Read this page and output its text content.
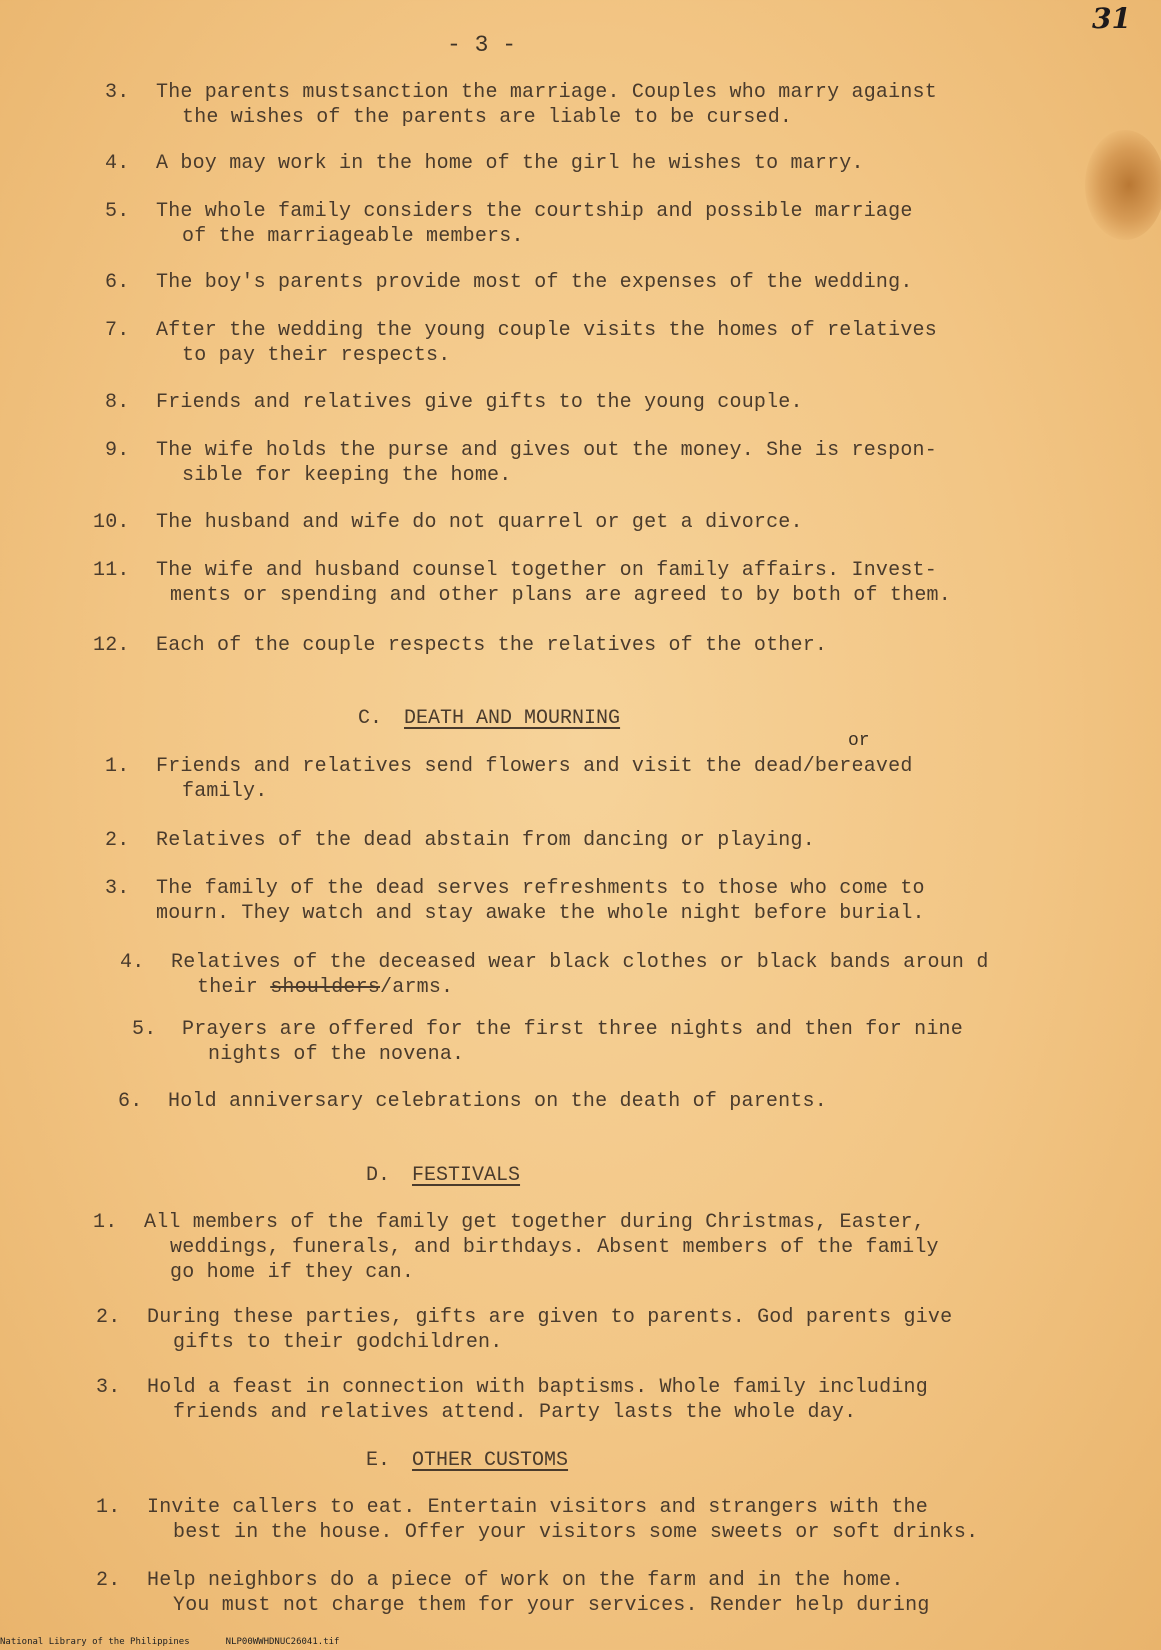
31
- 3 -
3. The parents mustsanction the marriage. Couples who marry against
the wishes of the parents are liable to be cursed.
4. A boy may work in the home of the girl he wishes to marry.
5. The whole family considers the courtship and possible marriage
of the marriageable members.
6. The boy's parents provide most of the expenses of the wedding.
7. After the wedding the young couple visits the homes of relatives
to pay their respects.
8. Friends and relatives give gifts to the young couple.
9. The wife holds the purse and gives out the money. She is respon-
sible for keeping the home.
10. The husband and wife do not quarrel or get a divorce.
11. The wife and husband counsel together on family affairs. Invest-
ments or spending and other plans are agreed to by both of them.
12. Each of the couple respects the relatives of the other.
C. DEATH AND MOURNING
or
1. Friends and relatives send flowers and visit the dead/bereaved
family.
2. Relatives of the dead abstain from dancing or playing.
3. The family of the dead serves refreshments to those who come to
mourn. They watch and stay awake the whole night before burial.
4. Relatives of the deceased wear black clothes or black bands aroun d
their shoulders/arms.
5. Prayers are offered for the first three nights and then for nine
nights of the novena.
6. Hold anniversary celebrations on the death of parents.
D. FESTIVALS
1. All members of the family get together during Christmas, Easter,
weddings, funerals, and birthdays. Absent members of the family
go home if they can.
2. During these parties, gifts are given to parents. God parents give
gifts to their godchildren.
3. Hold a feast in connection with baptisms. Whole family including
friends and relatives attend. Party lasts the whole day.
E. OTHER CUSTOMS
1. Invite callers to eat. Entertain visitors and strangers with the
best in the house. Offer your visitors some sweets or soft drinks.
2. Help neighbors do a piece of work on the farm and in the home.
You must not charge them for your services. Render help during
National Library of the Philippines	NLP00WWHDNUC26041.tif
